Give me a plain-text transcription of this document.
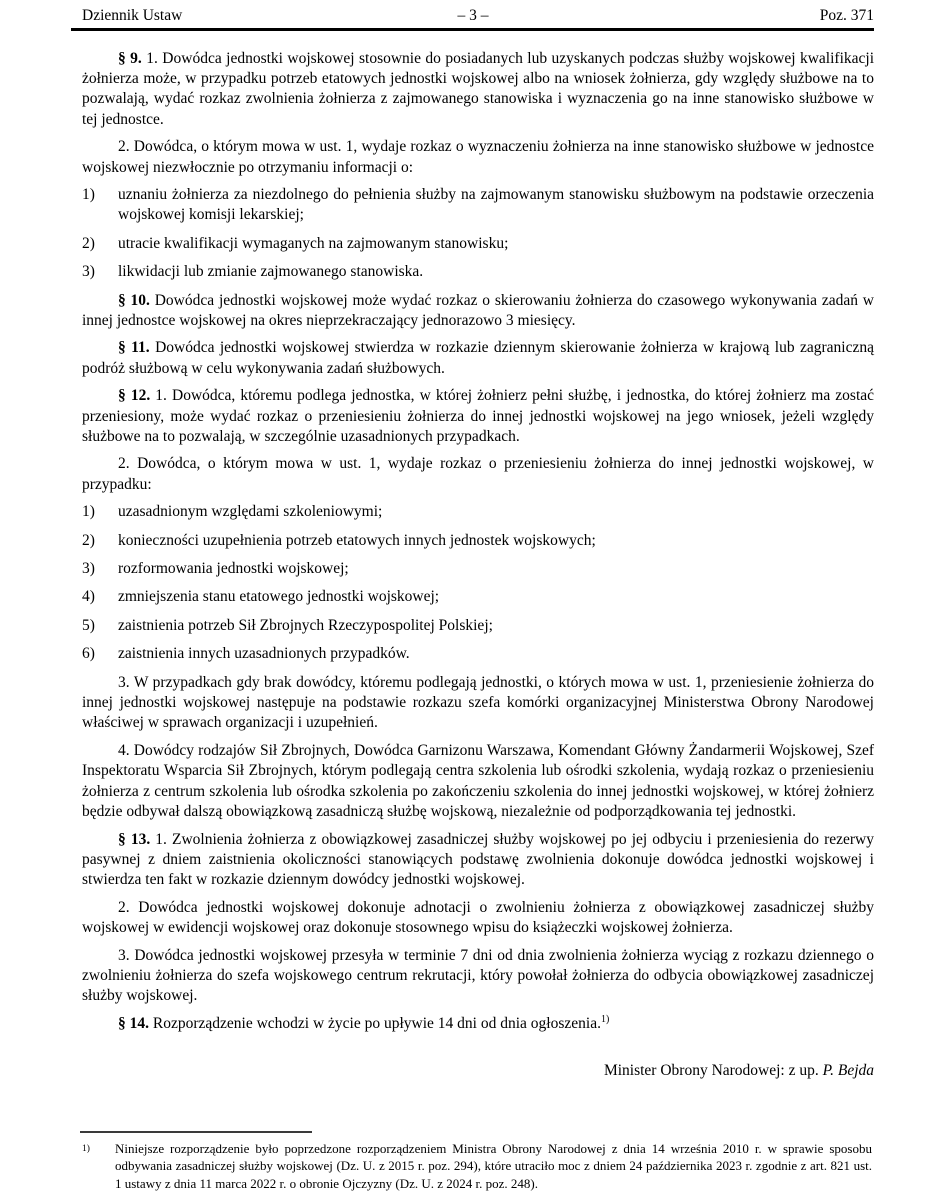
Dziennik Ustaw	– 3 –	Poz. 371

§ 9. 1. Dowódca jednostki wojskowej stosownie do posiadanych lub uzyskanych podczas służby wojskowej kwalifikacji żołnierza może, w przypadku potrzeb etatowych jednostki wojskowej albo na wniosek żołnierza, gdy względy służbowe na to pozwalają, wydać rozkaz zwolnienia żołnierza z zajmowanego stanowiska i wyznaczenia go na inne stanowisko służbowe w tej jednostce.

2. Dowódca, o którym mowa w ust. 1, wydaje rozkaz o wyznaczeniu żołnierza na inne stanowisko służbowe w jednostce wojskowej niezwłocznie po otrzymaniu informacji o:

1) uznaniu żołnierza za niezdolnego do pełnienia służby na zajmowanym stanowisku służbowym na podstawie orzeczenia wojskowej komisji lekarskiej;
2) utracie kwalifikacji wymaganych na zajmowanym stanowisku;
3) likwidacji lub zmianie zajmowanego stanowiska.

§ 10. Dowódca jednostki wojskowej może wydać rozkaz o skierowaniu żołnierza do czasowego wykonywania zadań w innej jednostce wojskowej na okres nieprzekraczający jednorazowo 3 miesięcy.

§ 11. Dowódca jednostki wojskowej stwierdza w rozkazie dziennym skierowanie żołnierza w krajową lub zagraniczną podróż służbową w celu wykonywania zadań służbowych.

§ 12. 1. Dowódca, któremu podlega jednostka, w której żołnierz pełni służbę, i jednostka, do której żołnierz ma zostać przeniesiony, może wydać rozkaz o przeniesieniu żołnierza do innej jednostki wojskowej na jego wniosek, jeżeli względy służbowe na to pozwalają, w szczególnie uzasadnionych przypadkach.

2. Dowódca, o którym mowa w ust. 1, wydaje rozkaz o przeniesieniu żołnierza do innej jednostki wojskowej, w przypadku:

1) uzasadnionym względami szkoleniowymi;
2) konieczności uzupełnienia potrzeb etatowych innych jednostek wojskowych;
3) rozformowania jednostki wojskowej;
4) zmniejszenia stanu etatowego jednostki wojskowej;
5) zaistnienia potrzeb Sił Zbrojnych Rzeczypospolitej Polskiej;
6) zaistnienia innych uzasadnionych przypadków.

3. W przypadkach gdy brak dowódcy, któremu podlegają jednostki, o których mowa w ust. 1, przeniesienie żołnierza do innej jednostki wojskowej następuje na podstawie rozkazu szefa komórki organizacyjnej Ministerstwa Obrony Narodowej właściwej w sprawach organizacji i uzupełnień.

4. Dowódcy rodzajów Sił Zbrojnych, Dowódca Garnizonu Warszawa, Komendant Główny Żandarmerii Wojskowej, Szef Inspektoratu Wsparcia Sił Zbrojnych, którym podlegają centra szkolenia lub ośrodki szkolenia, wydają rozkaz o przeniesieniu żołnierza z centrum szkolenia lub ośrodka szkolenia po zakończeniu szkolenia do innej jednostki wojskowej, w której żołnierz będzie odbywał dalszą obowiązkową zasadniczą służbę wojskową, niezależnie od podporządkowania tej jednostki.

§ 13. 1. Zwolnienia żołnierza z obowiązkowej zasadniczej służby wojskowej po jej odbyciu i przeniesienia do rezerwy pasywnej z dniem zaistnienia okoliczności stanowiących podstawę zwolnienia dokonuje dowódca jednostki wojskowej i stwierdza ten fakt w rozkazie dziennym dowódcy jednostki wojskowej.

2. Dowódca jednostki wojskowej dokonuje adnotacji o zwolnieniu żołnierza z obowiązkowej zasadniczej służby wojskowej w ewidencji wojskowej oraz dokonuje stosownego wpisu do książeczki wojskowej żołnierza.

3. Dowódca jednostki wojskowej przesyła w terminie 7 dni od dnia zwolnienia żołnierza wyciąg z rozkazu dziennego o zwolnieniu żołnierza do szefa wojskowego centrum rekrutacji, który powołał żołnierza do odbycia obowiązkowej zasadniczej służby wojskowej.

§ 14. Rozporządzenie wchodzi w życie po upływie 14 dni od dnia ogłoszenia.$^{1)}$

Minister Obrony Narodowej: z up. P. Bejda
1) Niniejsze rozporządzenie było poprzedzone rozporządzeniem Ministra Obrony Narodowej z dnia 14 września 2010 r. w sprawie sposobu odbywania zasadniczej służby wojskowej (Dz. U. z 2015 r. poz. 294), które utraciło moc z dniem 24 października 2023 r. zgodnie z art. 821 ust. 1 ustawy z dnia 11 marca 2022 r. o obronie Ojczyzny (Dz. U. z 2024 r. poz. 248).
